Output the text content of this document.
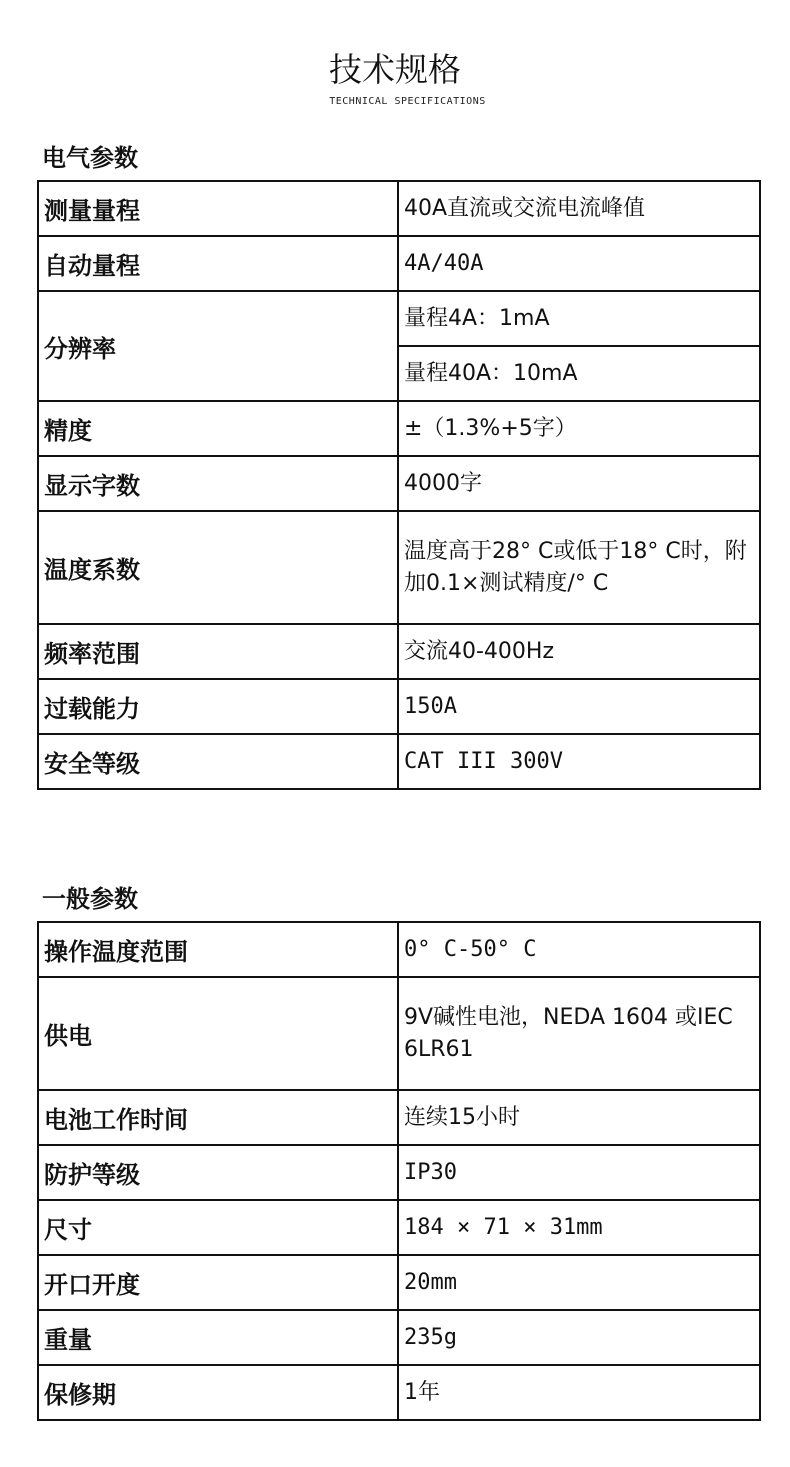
技术规格
TECHNICAL SPECIFICATIONS
电气参数
测量量程	40A直流或交流电流峰值
自动量程	4A/40A
分辨率	量程4A：1mA
	量程40A：10mA
精度	±（1.3%+5字）
显示字数	4000字
温度系数	温度高于28° C或低于18° C时，附加0.1×测试精度/° C
频率范围	交流40-400Hz
过载能力	150A
安全等级	CAT III 300V
一般参数
操作温度范围	0° C-50° C
供电	9V碱性电池，NEDA 1604 或IEC 6LR61
电池工作时间	连续15小时
防护等级	IP30
尺寸	184 × 71 × 31mm
开口开度	20mm
重量	235g
保修期	1年
